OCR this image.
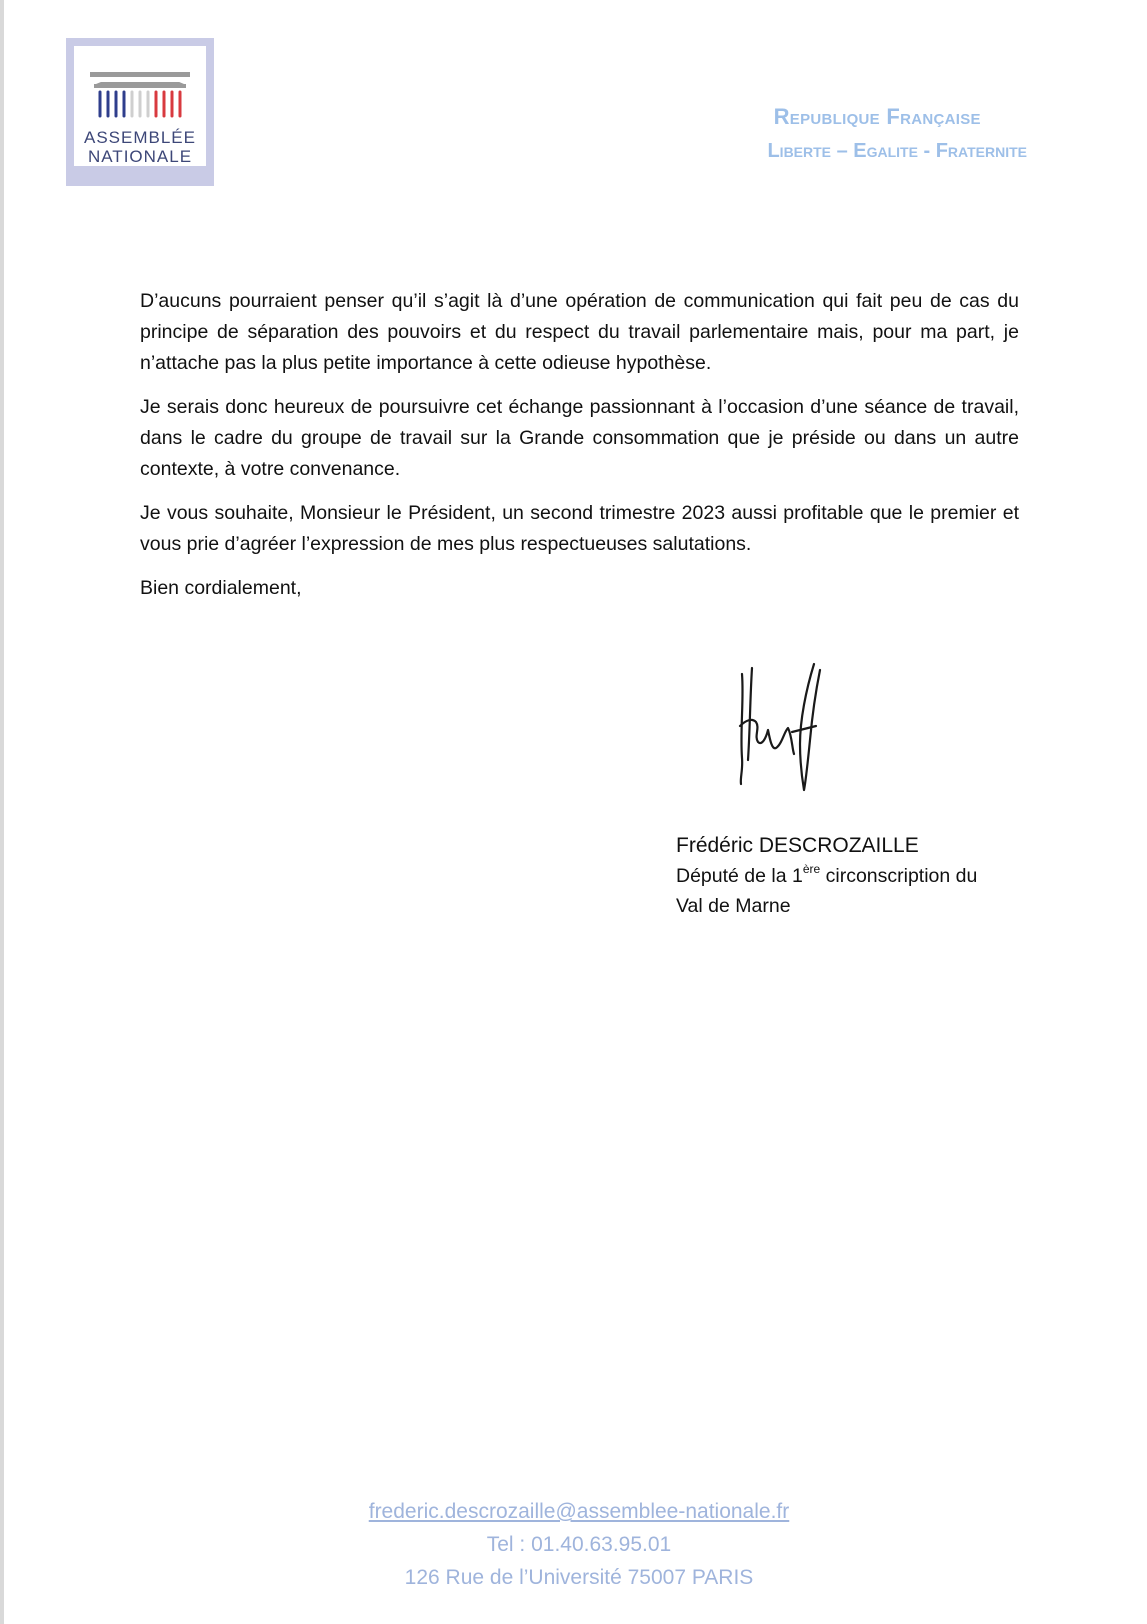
ASSEMBLÉE
NATIONALE
Republique Française
Liberte – Egalite - Fraternite

D’aucuns pourraient penser qu’il s’agit là d’une opération de communication qui fait peu de cas du principe de séparation des pouvoirs et du respect du travail parlementaire mais, pour ma part, je n’attache pas la plus petite importance à cette odieuse hypothèse.

Je serais donc heureux de poursuivre cet échange passionnant à l’occasion d’une séance de travail, dans le cadre du groupe de travail sur la Grande consommation que je préside ou dans un autre contexte, à votre convenance.

Je vous souhaite, Monsieur le Président, un second trimestre 2023 aussi profitable que le premier et vous prie d’agréer l’expression de mes plus respectueuses salutations.

Bien cordialement,

Frédéric DESCROZAILLE
Député de la 1ère circonscription du
Val de Marne
frederic.descrozaille@assemblee-nationale.fr
Tel : 01.40.63.95.01
126 Rue de l’Université 75007 PARIS
